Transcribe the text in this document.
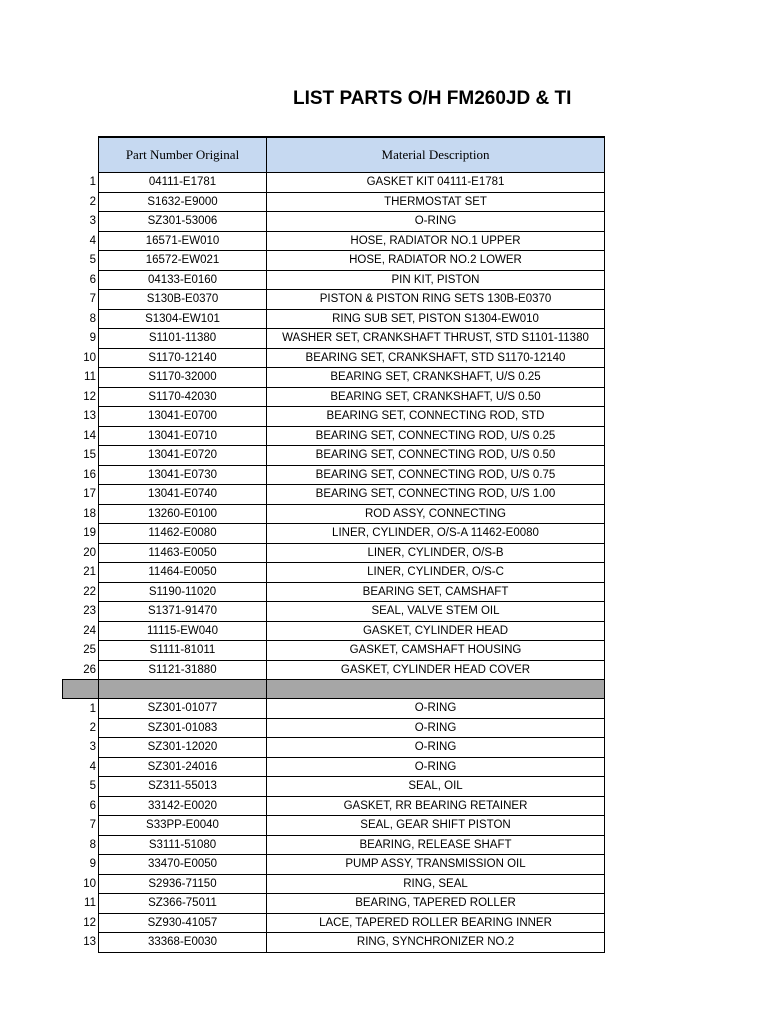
LIST PARTS O/H FM260JD & TI
	Part Number Original	Material Description
1	04111-E1781	GASKET KIT 04111-E1781
2	S1632-E9000	THERMOSTAT SET
3	SZ301-53006	O-RING
4	16571-EW010	HOSE, RADIATOR NO.1 UPPER
5	16572-EW021	HOSE, RADIATOR NO.2 LOWER
6	04133-E0160	PIN KIT, PISTON
7	S130B-E0370	PISTON & PISTON RING SETS 130B-E0370
8	S1304-EW101	RING SUB SET, PISTON S1304-EW010
9	S1101-11380	WASHER SET, CRANKSHAFT THRUST, STD S1101-11380
10	S1170-12140	BEARING SET, CRANKSHAFT, STD S1170-12140
11	S1170-32000	BEARING SET, CRANKSHAFT, U/S 0.25
12	S1170-42030	BEARING SET, CRANKSHAFT, U/S 0.50
13	13041-E0700	BEARING SET, CONNECTING ROD, STD
14	13041-E0710	BEARING SET, CONNECTING ROD, U/S 0.25
15	13041-E0720	BEARING SET, CONNECTING ROD, U/S 0.50
16	13041-E0730	BEARING SET, CONNECTING ROD, U/S 0.75
17	13041-E0740	BEARING SET, CONNECTING ROD, U/S 1.00
18	13260-E0100	ROD ASSY, CONNECTING
19	11462-E0080	LINER, CYLINDER, O/S-A 11462-E0080
20	11463-E0050	LINER, CYLINDER, O/S-B
21	11464-E0050	LINER, CYLINDER, O/S-C
22	S1190-11020	BEARING SET, CAMSHAFT
23	S1371-91470	SEAL, VALVE STEM OIL
24	11115-EW040	GASKET, CYLINDER HEAD
25	S1111-81011	GASKET, CAMSHAFT HOUSING
26	S1121-31880	GASKET, CYLINDER HEAD COVER

1	SZ301-01077	O-RING
2	SZ301-01083	O-RING
3	SZ301-12020	O-RING
4	SZ301-24016	O-RING
5	SZ311-55013	SEAL, OIL
6	33142-E0020	GASKET, RR BEARING RETAINER
7	S33PP-E0040	SEAL, GEAR SHIFT PISTON
8	S3111-51080	BEARING, RELEASE SHAFT
9	33470-E0050	PUMP ASSY, TRANSMISSION OIL
10	S2936-71150	RING, SEAL
11	SZ366-75011	BEARING, TAPERED ROLLER
12	SZ930-41057	LACE, TAPERED ROLLER BEARING INNER
13	33368-E0030	RING, SYNCHRONIZER NO.2
